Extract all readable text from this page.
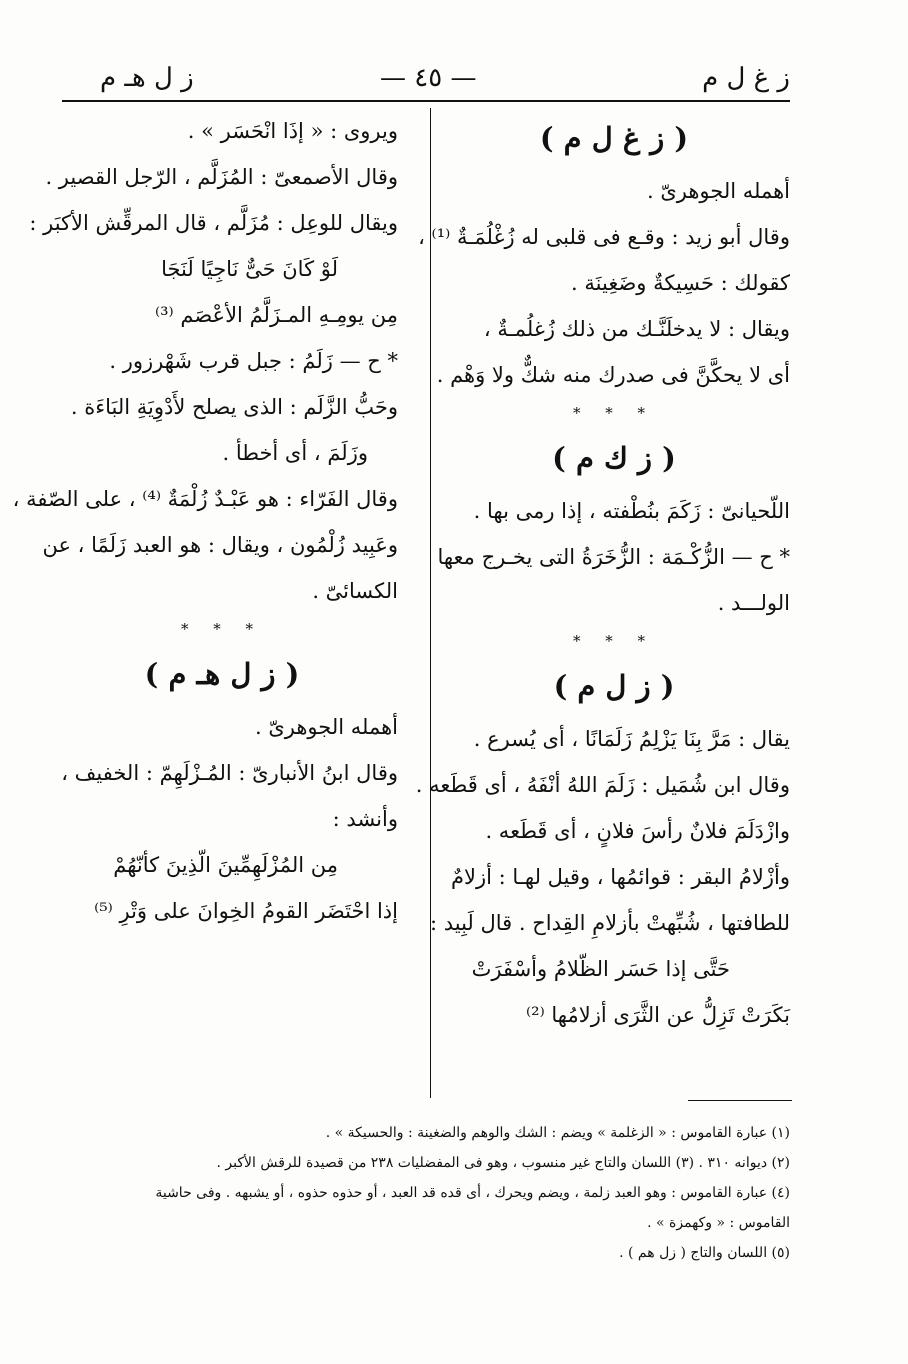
ز غ ل م
— ٤٥ —
ز ل هـ م
( ز غ ل م )
أهمله الجوهرىّ .
وقال أبو زيد : وقـع فى قلبى له زُغْلُمَـةٌ ⁽¹⁾ ،
كقولك : حَسِيكةٌ وضَغِينَة .
ويقال : لا يدخلَنَّـك من ذلك زُغلُمـةٌ ،
أى لا يحكَّنَّ فى صدرك منه شكٌّ ولا وَهْم .
* * *
( ز ك م )
اللّحيانىّ : زَكَمَ بنُطْفته ، إذا رمى بها .
* ح — الزُّكْـمَة : الزُّخَرَةُ التى يخـرج معها
الولـــد .
* * *
( ز ل م )
يقال : مَرَّ بِنَا يَزْلِمُ زَلَمَانًا ، أى يُسرع .
وقال ابن شُمَيل : زَلَمَ اللهُ أنْفَهُ ، أى قَطَعه .
وازْدَلَمَ فلانٌ رأسَ فلانٍ ، أى قَطَعه .
وأزْلامُ البقر : قوائمُها ، وقيل لهـا : أزلامٌ
للطافتها ، شُبِّهتْ بأزلامِ القِداح . قال لَبِيد :
حَتَّى إذا حَسَر الظّلامُ وأسْفَرَتْ
بَكَرَتْ تَزِلُّ عن الثَّرَى أزلامُها ⁽²⁾
ويروى : « إذَا انْحَسَر » .
وقال الأصمعىّ : المُزَلَّم ، الرّجل القصير .
ويقال للوعِل : مُزَلَّم ، قال المرقِّش الأكبَر :
لَوْ كَانَ حَىٌّ نَاجِيًا لَنَجَا
مِن يومِـهِ المـزَلَّمُ الأعْصَم ⁽³⁾
* ح — زَلَمُ : جبل قرب شَهْرزور .
وحَبُّ الزَّلَم : الذى يصلح لأَدْوِيَةِ البَاءَة .
وزَلَمَ ، أى أخطأ .
وقال الفَرّاء : هو عَبْـدٌ زُلْمَةٌ ⁽⁴⁾ ، على الصّفة ،
وعَبِيد زُلْمُون ، ويقال : هو العبد زَلَمًا ، عن
الكسائىّ .
* * *
( ز ل هـ م )
أهمله الجوهرىّ .
وقال ابنُ الأنبارىّ : المُـزْلَهِمّ : الخفيف ،
وأنشد :
مِن المُزْلَهِمِّينَ الّذِينَ كأنّهُمْ
إذا احْتَضَر القومُ الخِوانَ على وَتْرِ ⁽⁵⁾
(١) عبارة القاموس : « الزغلمة » ويضم : الشك والوهم والضغينة : والحسيكة » .
(٢) ديوانه ٣١٠ . (٣) اللسان والتاج غير منسوب ، وهو فى المفضليات ٢٣٨ من قصيدة للرقش الأكبر .
(٤) عبارة القاموس : وهو العبد زلمة ، ويضم ويحرك ، أى قده قد العبد ، أو حذوه حذوه ، أو يشبهه . وفى حاشية
القاموس : « وكهمزة » .
(٥) اللسان والتاج ( زل هم ) .
